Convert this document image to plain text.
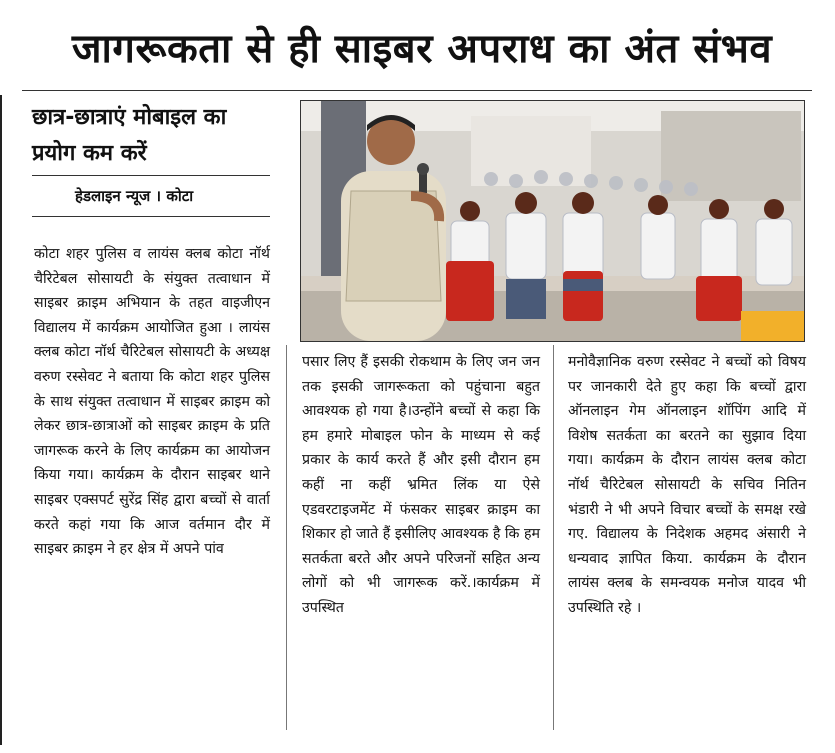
जागरूकता से ही साइबर अपराध का अंत संभव
छात्र-छात्राएं मोबाइल का
प्रयोग कम करें
हेडलाइन न्यूज । कोटा

कोटा शहर पुलिस व लायंस क्लब कोटा नॉर्थ चैरिटेबल सोसायटी के संयुक्त तत्वाधान में साइबर क्राइम अभियान के तहत वाइजीएन विद्यालय में कार्यक्रम आयोजित हुआ । लायंस क्लब कोटा नॉर्थ चैरिटेबल सोसायटी के अध्यक्ष वरुण रस्सेवट ने बताया कि कोटा शहर पुलिस के साथ संयुक्त तत्वाधान में साइबर क्राइम को लेकर छात्र-छात्राओं को साइबर क्राइम के प्रति जागरूक करने के लिए कार्यक्रम का आयोजन किया गया। कार्यक्रम के दौरान साइबर थाने साइबर एक्सपर्ट सुरेंद्र सिंह द्वारा बच्चों से वार्ता करते कहां गया कि आज वर्तमान दौर में साइबर क्राइम ने हर क्षेत्र में अपने पांव

पसार लिए हैं इसकी रोकथाम के लिए जन जन तक इसकी जागरूकता को पहुंचाना बहुत आवश्यक हो गया है।उन्होंने बच्चों से कहा कि हम हमारे मोबाइल फोन के माध्यम से कई प्रकार के कार्य करते हैं और इसी दौरान हम कहीं ना कहीं भ्रमित लिंक या ऐसे एडवरटाइजमेंट में फंसकर साइबर क्राइम का शिकार हो जाते हैं इसीलिए आवश्यक है कि हम सतर्कता बरते और अपने परिजनों सहित अन्य लोगों को भी जागरूक करें.।कार्यक्रम में उपस्थित

मनोवैज्ञानिक वरुण रस्सेवट ने बच्चों को विषय पर जानकारी देते हुए कहा कि बच्चों द्वारा ऑनलाइन गेम ऑनलाइन शॉपिंग आदि में विशेष सतर्कता का बरतने का सुझाव दिया गया। कार्यक्रम के दौरान लायंस क्लब कोटा नॉर्थ चैरिटेबल सोसायटी के सचिव नितिन भंडारी ने भी अपने विचार बच्चों के समक्ष रखे गए. विद्यालय के निदेशक अहमद अंसारी ने धन्यवाद ज्ञापित किया. कार्यक्रम के दौरान लायंस क्लब के समन्वयक मनोज यादव भी उपस्थिति रहे ।
